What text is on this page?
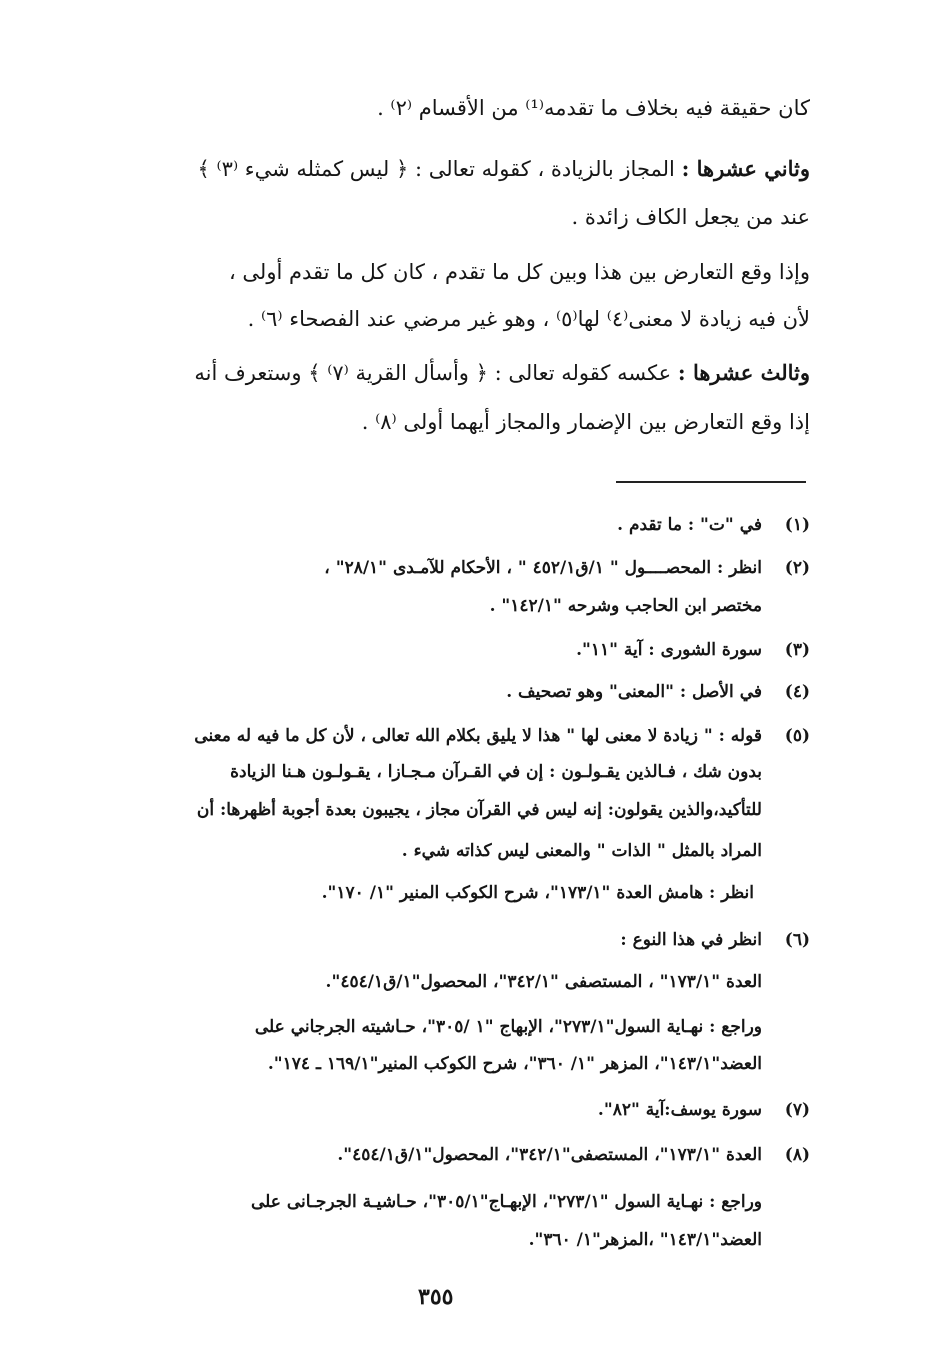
كان حقيقة فيه بخلاف ما تقدمه⁽¹⁾ من الأقسام ⁽٢⁾ .
وثاني عشرها : المجاز بالزيادة ، كقوله تعالى : ﴿ ليس كمثله شيء ⁽٣⁾ ﴾
عند من يجعل الكاف زائدة .
وإذا وقع التعارض بين هذا وبين كل ما تقدم ، كان كل ما تقدم أولى ،
لأن فيه زيادة لا معنى⁽٤⁾ لها⁽٥⁾ ، وهو غير مرضي عند الفصحاء ⁽٦⁾ .
وثالث عشرها : عكسه كقوله تعالى : ﴿ وأسأل القرية ⁽٧⁾ ﴾ وستعرف أنه
إذا وقع التعارض بين الإضمار والمجاز أيهما أولى ⁽٨⁾ .
(١)
في "ت" : ما تقدم .
(٢)
انظر : المحصــــول " ١/ق٤٥٢/١ " ، الأحكام للآمـدى "٢٨/١" ،
مختصر ابن الحاجب وشرحه "١٤٢/١" .
(٣)
سورة الشورى : آية "١١".
(٤)
في الأصل : "المعنى" وهو تصحيف .
(٥)
قوله : " زيادة لا معنى لها " هذا لا يليق بكلام الله تعالى ، لأن كل ما فيه له معنى
بدون شك ، فـالذين يقـولـون : إن في القـرآن مـجـازا ، يقـولـون هـنا الزيادة
للتأكيد،والذين يقولون: إنه ليس في القرآن مجاز ، يجيبون بعدة أجوبة أظهرها: أن
المراد بالمثل " الذات " والمعنى ليس كذاته شيء .
انظر : هامش العدة "١٧٣/١"، شرح الكوكب المنير "١/ ١٧٠".
(٦)
انظر في هذا النوع :
العدة "١٧٣/١" ، المستصفى "٣٤٢/١"، المحصول"١/ق٤٥٤/١".
وراجع : نهـاية السول"٢٧٣/١"، الإبهاج "١ /٣٠٥"، حـاشيته الجرجاني على
العضد"١٤٣/١"، المزهر "١/ ٣٦٠"، شرح الكوكب المنير"١٦٩/١ ـ ١٧٤".
(٧)
سورة يوسف:آية "٨٢".
(٨)
العدة "١٧٣/١"، المستصفى"٣٤٢/١"، المحصول"١/ق٤٥٤/١".
وراجع : نهـاية السول "٢٧٣/١"، الإبهـاج"٣٠٥/١"، حـاشيـة الجرجـانى على
العضد"١٤٣/١" ،المزهر"١/ ٣٦٠".
٣٥٥
